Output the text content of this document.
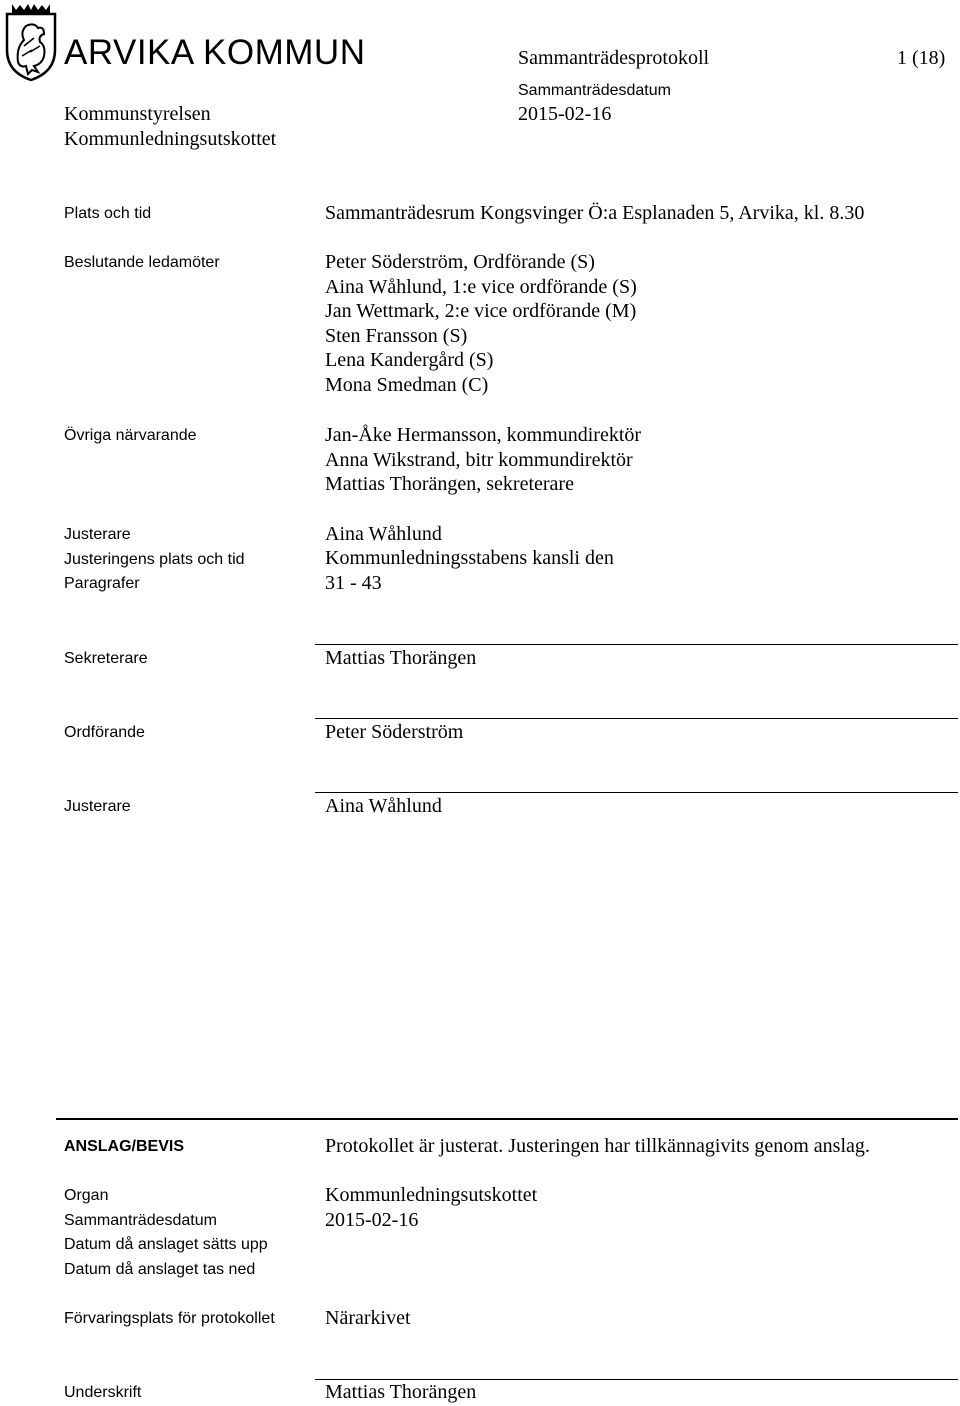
ARVIKA KOMMUN	Sammanträdesprotokoll	1 (18)
Kommunstyrelsen
Kommunledningsutskottet
Sammanträdesdatum
2015-02-16
Plats och tid	Sammanträdesrum Kongsvinger Ö:a Esplanaden 5, Arvika, kl. 8.30
Beslutande ledamöter	Peter Söderström, Ordförande (S)
Aina Wåhlund, 1:e vice ordförande (S)
Jan Wettmark, 2:e vice ordförande (M)
Sten Fransson (S)
Lena Kandergård (S)
Mona Smedman (C)
Övriga närvarande	Jan-Åke Hermansson, kommundirektör
Anna Wikstrand, bitr kommundirektör
Mattias Thorängen, sekreterare
Justerare	Aina Wåhlund
Justeringens plats och tid	Kommunledningsstabens kansli den
Paragrafer	31 - 43
Sekreterare	Mattias Thorängen
Ordförande	Peter Söderström
Justerare	Aina Wåhlund
ANSLAG/BEVIS	Protokollet är justerat. Justeringen har tillkännagivits genom anslag.
Organ	Kommunledningsutskottet
Sammanträdesdatum	2015-02-16
Datum då anslaget sätts upp
Datum då anslaget tas ned
Förvaringsplats för protokollet	Närarkivet
Underskrift	Mattias Thorängen
